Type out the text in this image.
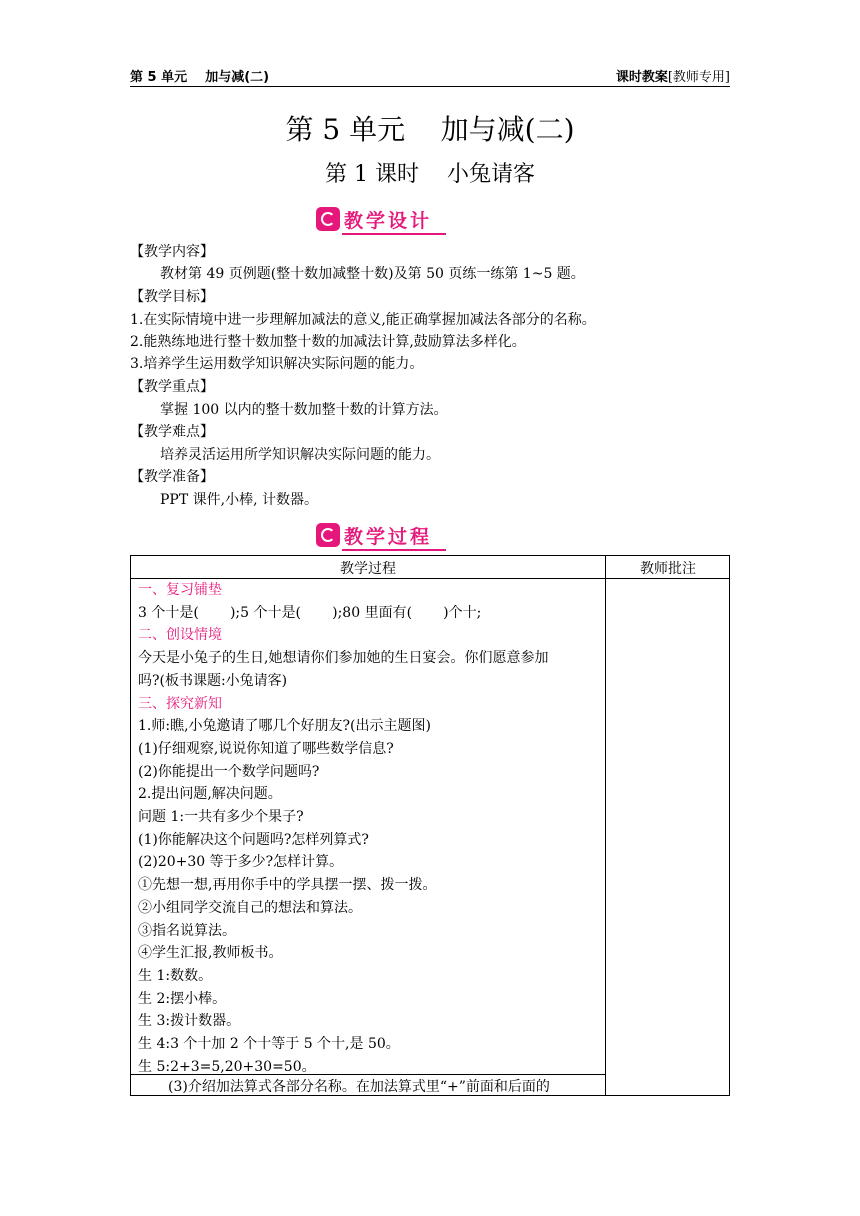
第 5 单元    加与减(二)	课时教案[教师专用]
第 5 单元    加与减(二)
第 1 课时    小兔请客
教学设计
【教学内容】
教材第 49 页例题(整十数加减整十数)及第 50 页练一练第 1~5 题。
【教学目标】
1.在实际情境中进一步理解加减法的意义,能正确掌握加减法各部分的名称。
2.能熟练地进行整十数加整十数的加减法计算,鼓励算法多样化。
3.培养学生运用数学知识解决实际问题的能力。
【教学重点】
掌握 100 以内的整十数加整十数的计算方法。
【教学难点】
培养灵活运用所学知识解决实际问题的能力。
【教学准备】
PPT 课件,小棒, 计数器。
教学过程
教学过程	教师批注
一、复习铺垫
3 个十是(       );5 个十是(       );80 里面有(       )个十;
二、创设情境
今天是小兔子的生日,她想请你们参加她的生日宴会。你们愿意参加
吗?(板书课题:小兔请客)
三、探究新知
1.师:瞧,小兔邀请了哪几个好朋友?(出示主题图)
(1)仔细观察,说说你知道了哪些数学信息?
(2)你能提出一个数学问题吗?
2.提出问题,解决问题。
问题 1:一共有多少个果子?
(1)你能解决这个问题吗?怎样列算式?
(2)20+30 等于多少?怎样计算。
①先想一想,再用你手中的学具摆一摆、拨一拨。
②小组同学交流自己的想法和算法。
③指名说算法。
④学生汇报,教师板书。
生 1:数数。
生 2:摆小棒。
生 3:拨计数器。
生 4:3 个十加 2 个十等于 5 个十,是 50。
生 5:2+3=5,20+30=50。
(3)介绍加法算式各部分名称。在加法算式里“+”前面和后面的
